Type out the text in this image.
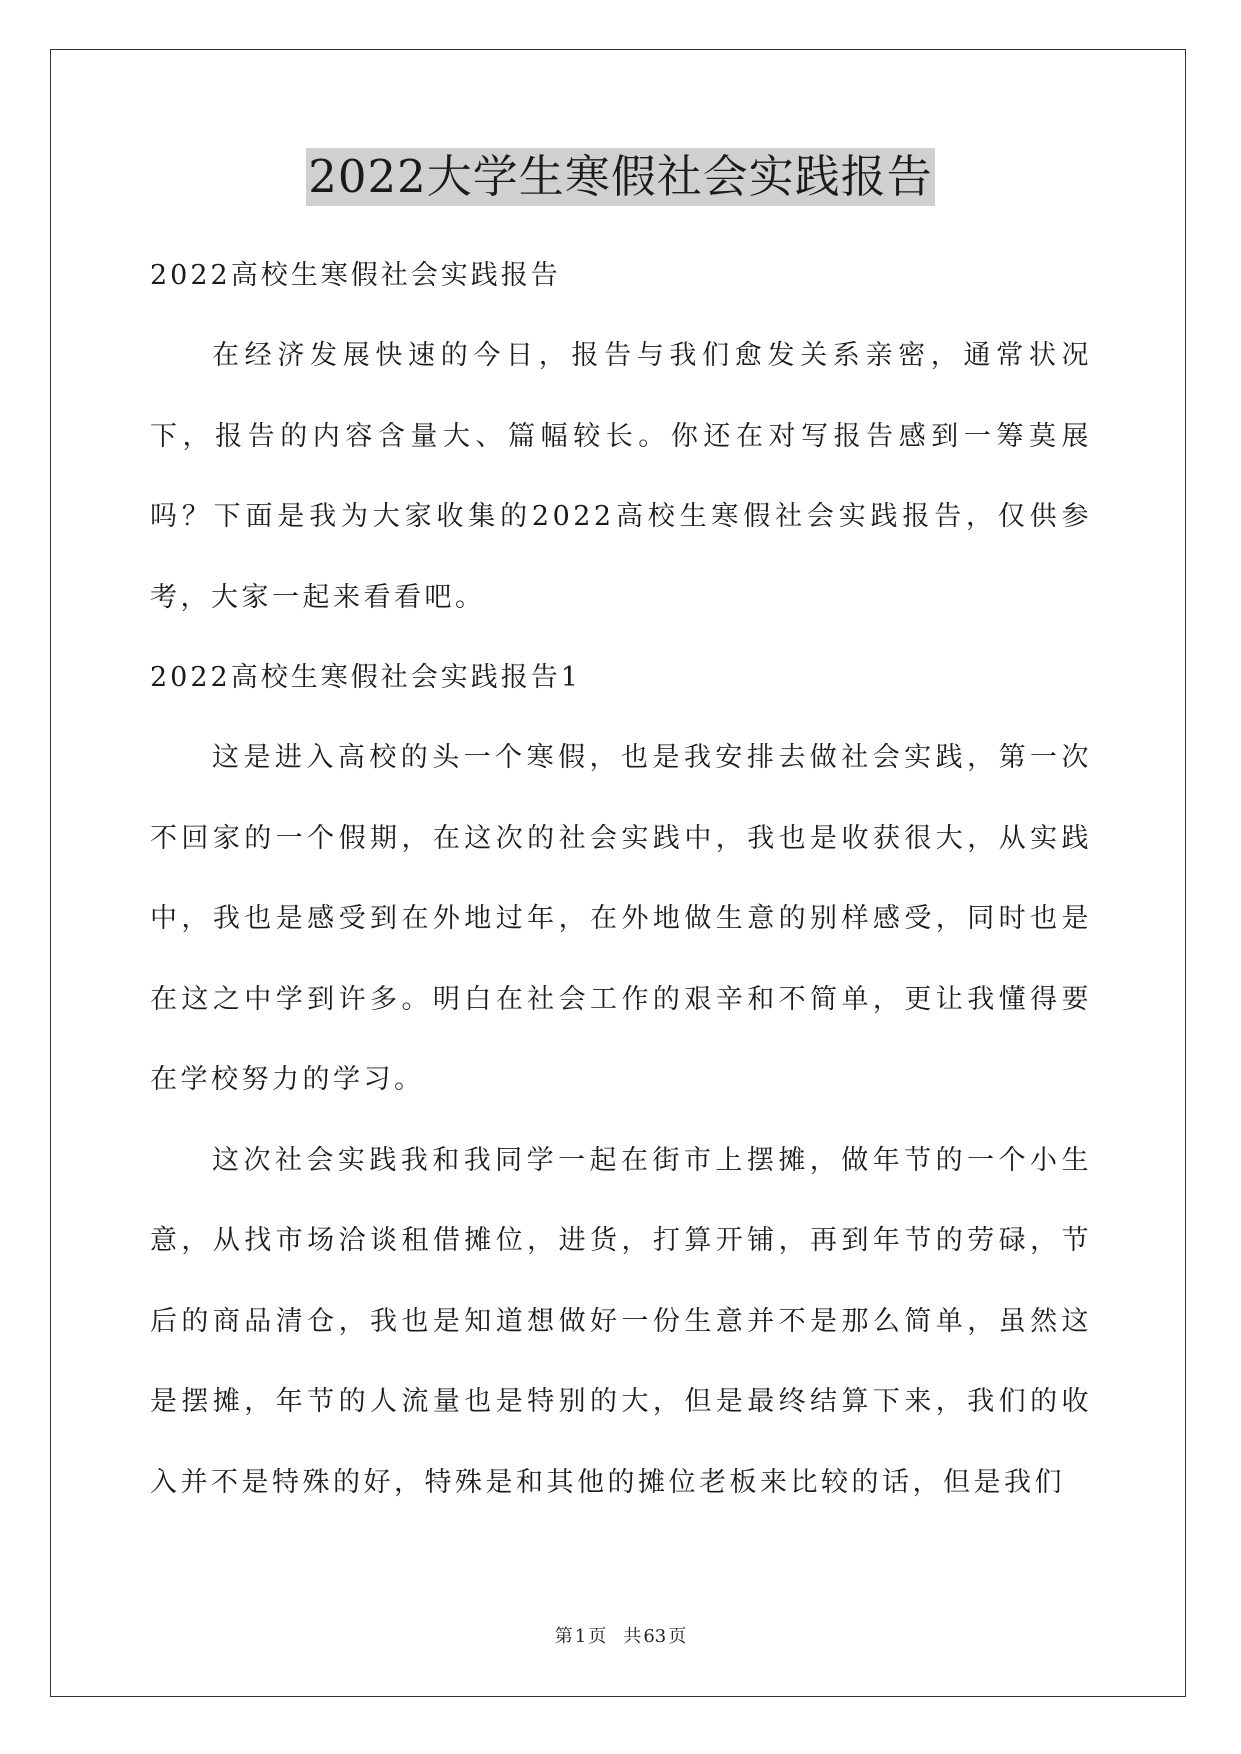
2022大学生寒假社会实践报告

2022高校生寒假社会实践报告

在经济发展快速的今日，报告与我们愈发关系亲密，通常状况下，报告的内容含量大、篇幅较长。你还在对写报告感到一筹莫展吗？下面是我为大家收集的2022高校生寒假社会实践报告，仅供参考，大家一起来看看吧。

2022高校生寒假社会实践报告1

这是进入高校的头一个寒假，也是我安排去做社会实践，第一次不回家的一个假期，在这次的社会实践中，我也是收获很大，从实践中，我也是感受到在外地过年，在外地做生意的别样感受，同时也是在这之中学到许多。明白在社会工作的艰辛和不简单，更让我懂得要在学校努力的学习。

这次社会实践我和我同学一起在街市上摆摊，做年节的一个小生意，从找市场洽谈租借摊位，进货，打算开铺，再到年节的劳碌，节后的商品清仓，我也是知道想做好一份生意并不是那么简单，虽然这是摆摊，年节的人流量也是特别的大，但是最终结算下来，我们的收入并不是特殊的好，特殊是和其他的摊位老板来比较的话，但是我们

第 1 页   共 63 页
